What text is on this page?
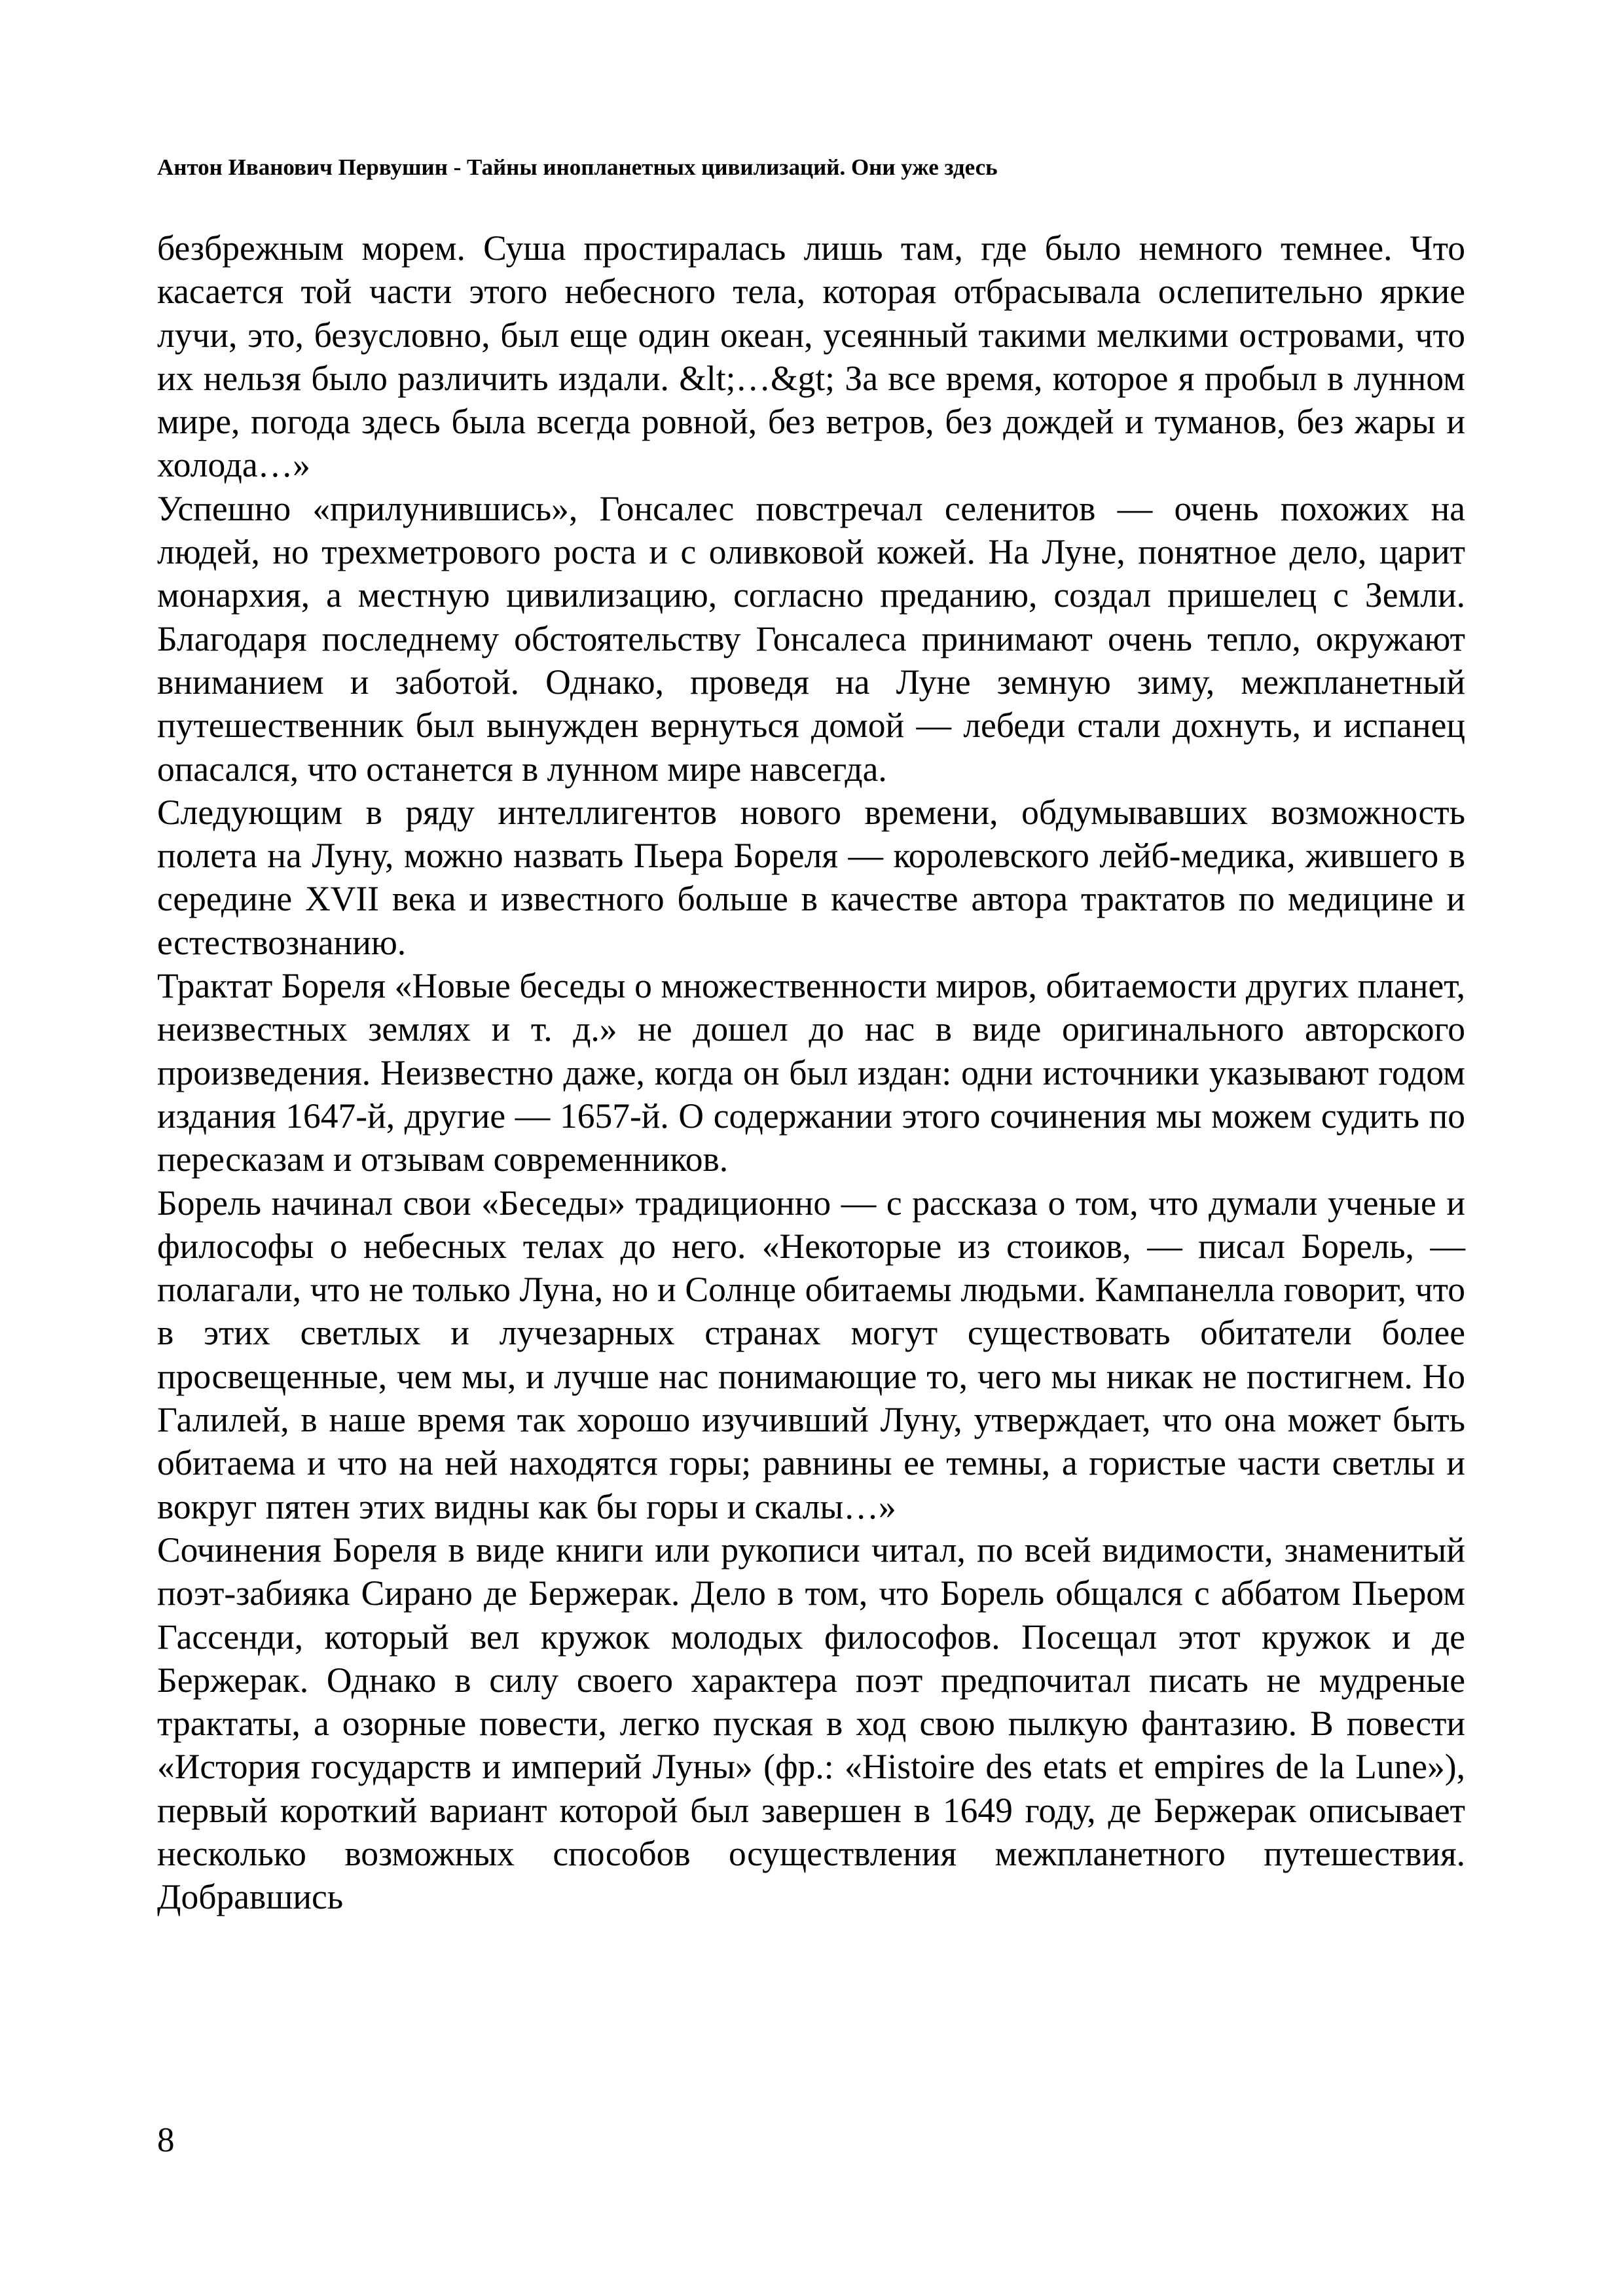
Антон Иванович Первушин - Тайны инопланетных цивилизаций. Они уже здесь

безбрежным морем. Суша простиралась лишь там, где было немного темнее. Что касается той части этого небесного тела, которая отбрасывала ослепительно яркие лучи, это, безусловно, был еще один океан, усеянный такими мелкими островами, что их нельзя было различить издали. &lt;…&gt; За все время, которое я пробыл в лунном мире, погода здесь была всегда ровной, без ветров, без дождей и туманов, без жары и холода…»

Успешно «прилунившись», Гонсалес повстречал селенитов — очень похожих на людей, но трехметрового роста и с оливковой кожей. На Луне, понятное дело, царит монархия, а местную цивилизацию, согласно преданию, создал пришелец с Земли. Благодаря последнему обстоятельству Гонсалеса принимают очень тепло, окружают вниманием и заботой. Однако, проведя на Луне земную зиму, межпланетный путешественник был вынужден вернуться домой — лебеди стали дохнуть, и испанец опасался, что останется в лунном мире навсегда.

Следующим в ряду интеллигентов нового времени, обдумывавших возможность полета на Луну, можно назвать Пьера Бореля — королевского лейб-медика, жившего в середине XVII века и известного больше в качестве автора трактатов по медицине и естествознанию.

Трактат Бореля «Новые беседы о множественности миров, обитаемости других планет, неизвестных землях и т. д.» не дошел до нас в виде оригинального авторского произведения. Неизвестно даже, когда он был издан: одни источники указывают годом издания 1647-й, другие — 1657-й. О содержании этого сочинения мы можем судить по пересказам и отзывам современников.

Борель начинал свои «Беседы» традиционно — с рассказа о том, что думали ученые и философы о небесных телах до него. «Некоторые из стоиков, — писал Борель, — полагали, что не только Луна, но и Солнце обитаемы людьми. Кампанелла говорит, что в этих светлых и лучезарных странах могут существовать обитатели более просвещенные, чем мы, и лучше нас понимающие то, чего мы никак не постигнем. Но Галилей, в наше время так хорошо изучивший Луну, утверждает, что она может быть обитаема и что на ней находятся горы; равнины ее темны, а гористые части светлы и вокруг пятен этих видны как бы горы и скалы…»

Сочинения Бореля в виде книги или рукописи читал, по всей видимости, знаменитый поэт-забияка Сирано де Бержерак. Дело в том, что Борель общался с аббатом Пьером Гассенди, который вел кружок молодых философов. Посещал этот кружок и де Бержерак. Однако в силу своего характера поэт предпочитал писать не мудреные трактаты, а озорные повести, легко пуская в ход свою пылкую фантазию. В повести «История государств и империй Луны» (фр.: «Histoire des etats et empires de la Lune»), первый короткий вариант которой был завершен в 1649 году, де Бержерак описывает несколько возможных способов осуществления межпланетного путешествия. Добравшись

8
